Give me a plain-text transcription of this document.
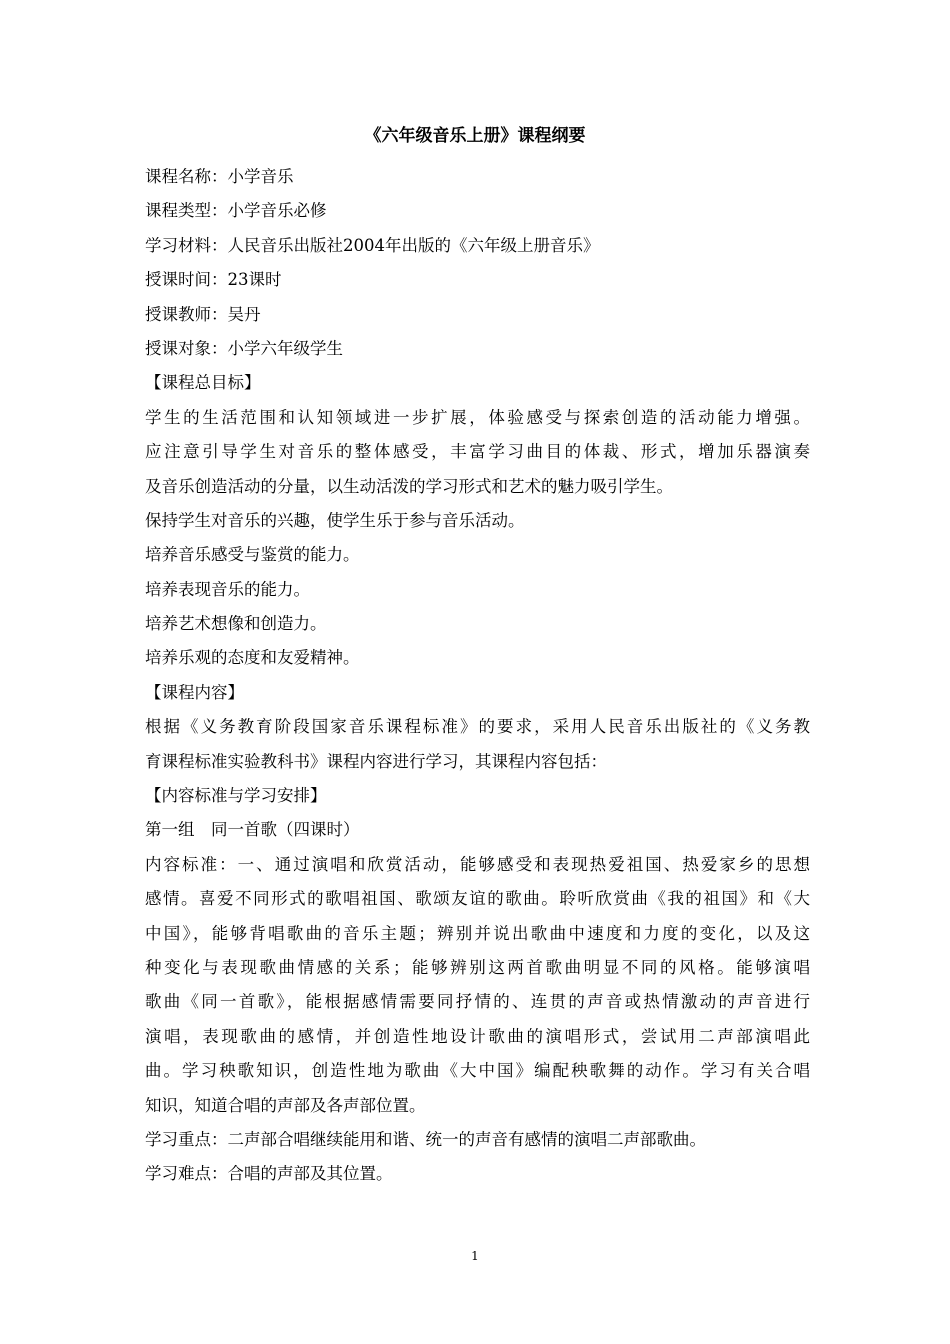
《六年级音乐上册》课程纲要
课程名称：小学音乐
课程类型：小学音乐必修
学习材料：人民音乐出版社2004年出版的《六年级上册音乐》
授课时间：23课时
授课教师：吴丹
授课对象：小学六年级学生
【课程总目标】
学生的生活范围和认知领域进一步扩展，体验感受与探索创造的活动能力增强。
应注意引导学生对音乐的整体感受，丰富学习曲目的体裁、形式，增加乐器演奏
及音乐创造活动的分量，以生动活泼的学习形式和艺术的魅力吸引学生。
保持学生对音乐的兴趣，使学生乐于参与音乐活动。
培养音乐感受与鉴赏的能力。
培养表现音乐的能力。
培养艺术想像和创造力。
培养乐观的态度和友爱精神。
【课程内容】
根据《义务教育阶段国家音乐课程标准》的要求，采用人民音乐出版社的《义务教
育课程标准实验教科书》课程内容进行学习，其课程内容包括：
【内容标准与学习安排】
第一组　同一首歌（四课时）
内容标准：一、通过演唱和欣赏活动，能够感受和表现热爱祖国、热爱家乡的思想
感情。喜爱不同形式的歌唱祖国、歌颂友谊的歌曲。聆听欣赏曲《我的祖国》和《大
中国》，能够背唱歌曲的音乐主题；辨别并说出歌曲中速度和力度的变化，以及这
种变化与表现歌曲情感的关系；能够辨别这两首歌曲明显不同的风格。能够演唱
歌曲《同一首歌》，能根据感情需要同抒情的、连贯的声音或热情激动的声音进行
演唱，表现歌曲的感情，并创造性地设计歌曲的演唱形式，尝试用二声部演唱此
曲。学习秧歌知识，创造性地为歌曲《大中国》编配秧歌舞的动作。学习有关合唱
知识，知道合唱的声部及各声部位置。
学习重点：二声部合唱继续能用和谐、统一的声音有感情的演唱二声部歌曲。
学习难点：合唱的声部及其位置。
1
